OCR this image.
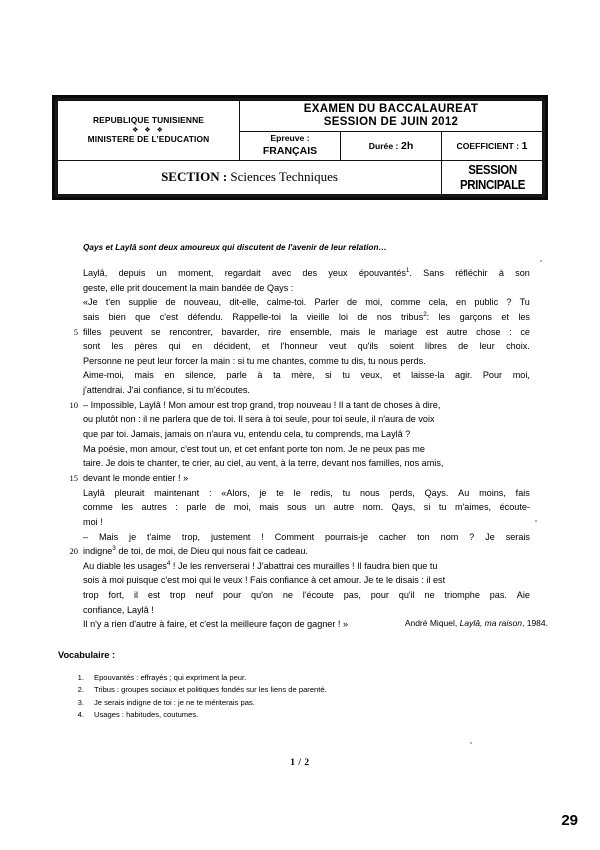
REPUBLIQUE TUNISIENNE
❖ ❖ ❖
MINISTERE DE L’EDUCATION
	EXAMEN DU BACCALAUREAT
SESSION DE JUIN 2012

	Epreuve : FRANÇAIS	Durée : 2h	COEFFICIENT : 1
SECTION : Sciences Techniques			SESSION PRINCIPALE
Qays et Laylâ sont deux amoureux qui discutent de l'avenir de leur relation…
Laylâ, depuis un moment, regardait avec des yeux épouvantés$^1$. Sans réfléchir à son
geste, elle prit doucement la main bandée de Qays :
«Je t'en supplie de nouveau, dit-elle, calme-toi. Parler de moi, comme cela, en public ? Tu
sais bien que c'est défendu. Rappelle-toi la vieille loi de nos tribus$^2$: les garçons et les
5 filles peuvent se rencontrer, bavarder, rire ensemble, mais le mariage est autre chose : ce
sont les pères qui en décident, et l'honneur veut qu'ils soient libres de leur choix.
Personne ne peut leur forcer la main : si tu me chantes, comme tu dis, tu nous perds.
Aime-moi, mais en silence, parle à ta mère, si tu veux, et laisse-la agir. Pour moi,
j'attendrai. J'ai confiance, si tu m'écoutes.
10 – Impossible, Laylâ ! Mon amour est trop grand, trop nouveau ! Il a tant de choses à dire,
ou plutôt non : il ne parlera que de toi. Il sera à toi seule, pour toi seule, il n'aura de voix
que par toi. Jamais, jamais on n'aura vu, entendu cela, tu comprends, ma Laylâ ?
Ma poésie, mon amour, c'est tout un, et cet enfant porte ton nom. Je ne peux pas me
taire. Je dois te chanter, te crier, au ciel, au vent, à la terre, devant nos familles, nos amis,
15 devant le monde entier ! »
Laylâ pleurait maintenant : «Alors, je te le redis, tu nous perds, Qays. Au moins, fais
comme les autres : parle de moi, mais sous un autre nom. Qays, si tu m'aimes, écoute-
moi !
– Mais je t'aime trop, justement ! Comment pourrais-je cacher ton nom ? Je serais
20 indigne$^3$ de toi, de moi, de Dieu qui nous fait ce cadeau.
Au diable les usages$^4$ ! Je les renverserai ! J'abattrai ces murailles ! Il faudra bien que tu
sois à moi puisque c'est moi qui le veux ! Fais confiance à cet amour. Je te le disais : il est
trop fort, il est trop neuf pour qu'on ne l'écoute pas, pour qu'il ne triomphe pas. Aie
confiance, Laylâ !
Il n'y a rien d'autre à faire, et c'est la meilleure façon de gagner ! »	André Miquel, Laylâ, ma raison, 1984.
Vocabulaire :
1. Epouvantés : effrayés ; qui expriment la peur.
2. Tribus : groupes sociaux et politiques fondés sur les liens de parenté.
3. Je serais indigne de toi : je ne te mériterais pas.
4. Usages : habitudes, coutumes.
1 / 2
29
